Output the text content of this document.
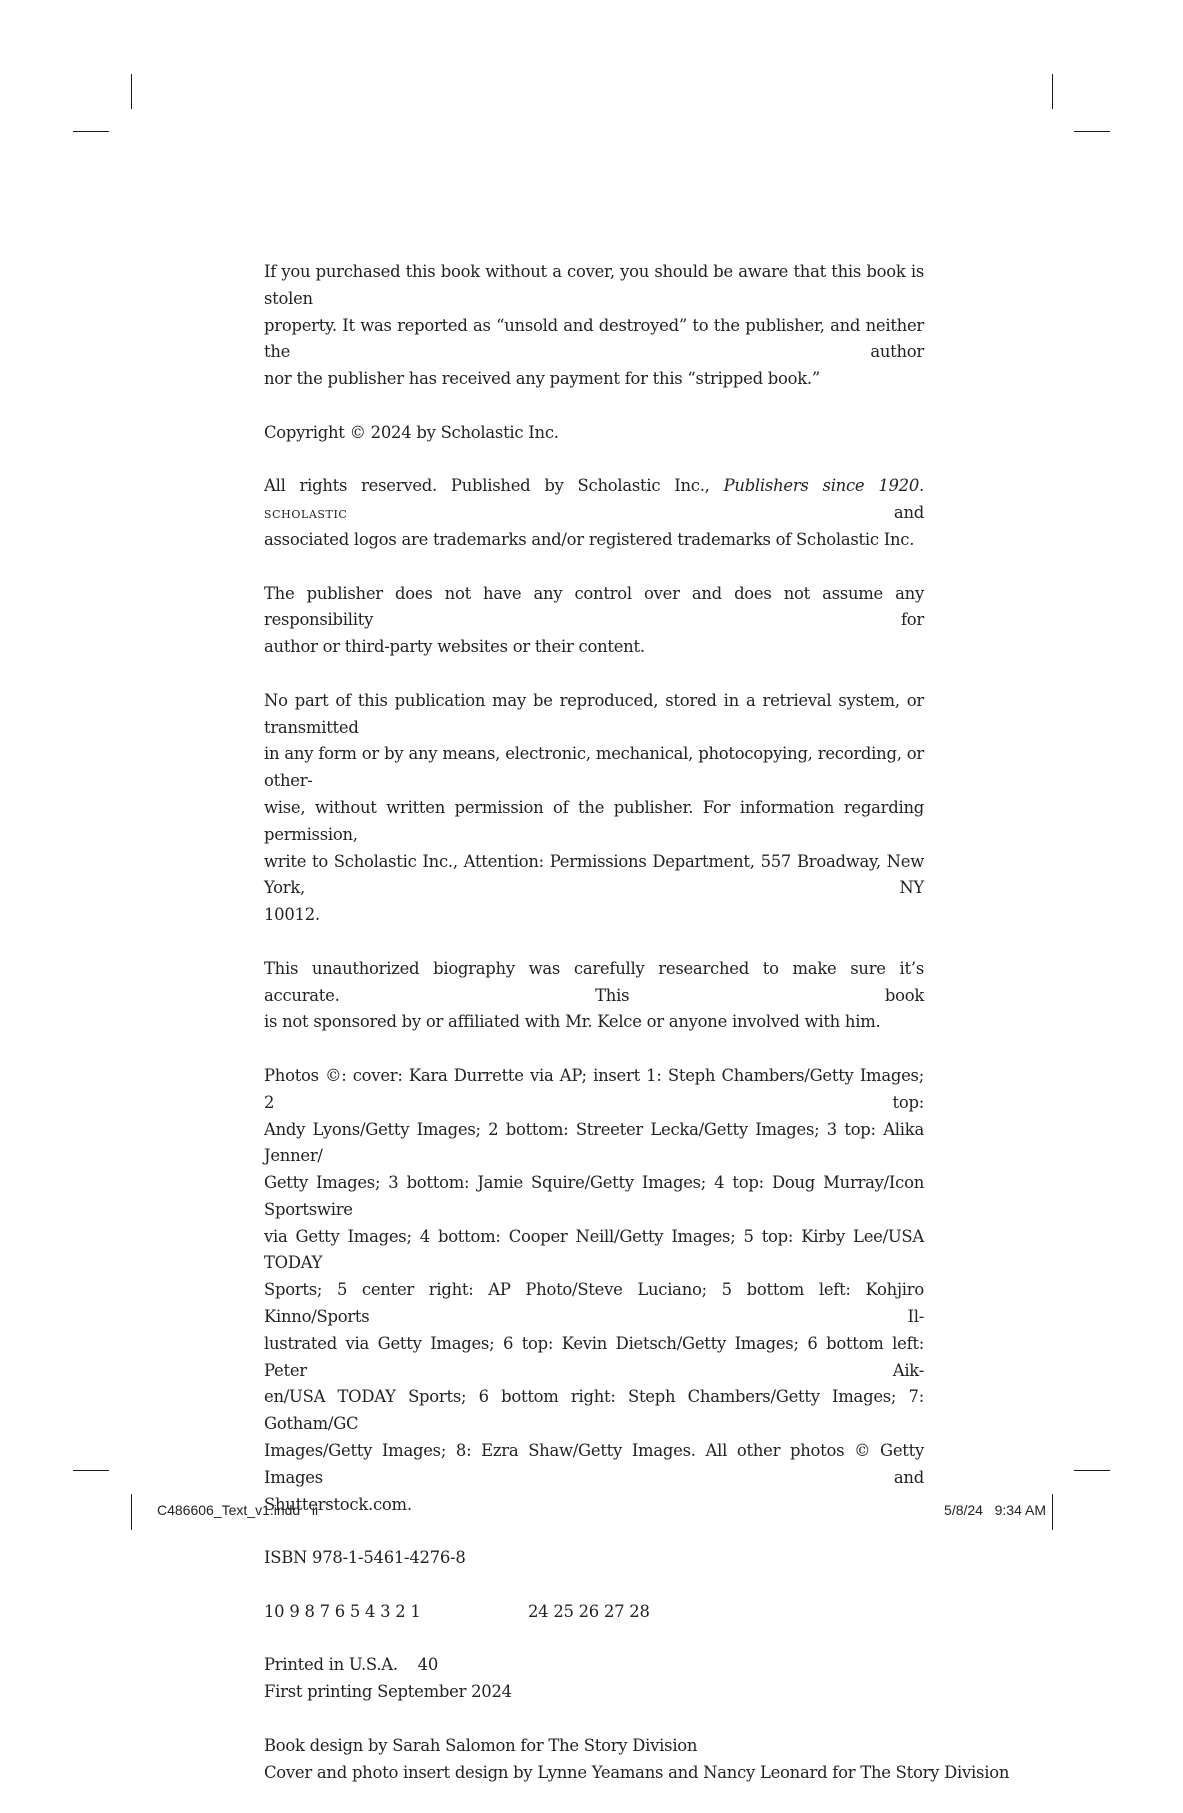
If you purchased this book without a cover, you should be aware that this book is stolen
property. It was reported as “unsold and destroyed” to the publisher, and neither the author
nor the publisher has received any payment for this “stripped book.”

Copyright © 2024 by Scholastic Inc.

All rights reserved. Published by Scholastic Inc., Publishers since 1920. scholastic and
associated logos are trademarks and/or registered trademarks of Scholastic Inc.

The publisher does not have any control over and does not assume any responsibility for
author or third-party websites or their content.

No part of this publication may be reproduced, stored in a retrieval system, or transmitted
in any form or by any means, electronic, mechanical, photocopying, recording, or other-
wise, without written permission of the publisher. For information regarding permission,
write to Scholastic Inc., Attention: Permissions Department, 557 Broadway, New York, NY
10012.

This unauthorized biography was carefully researched to make sure it’s accurate. This book
is not sponsored by or affiliated with Mr. Kelce or anyone involved with him.

Photos ©: cover: Kara Durrette via AP; insert 1: Steph Chambers/Getty Images; 2 top:
Andy Lyons/Getty Images; 2 bottom: Streeter Lecka/Getty Images; 3 top: Alika Jenner/
Getty Images; 3 bottom: Jamie Squire/Getty Images; 4 top: Doug Murray/Icon Sportswire
via Getty Images; 4 bottom: Cooper Neill/Getty Images; 5 top: Kirby Lee/USA TODAY
Sports; 5 center right: AP Photo/Steve Luciano; 5 bottom left: Kohjiro Kinno/Sports Il-
lustrated via Getty Images; 6 top: Kevin Dietsch/Getty Images; 6 bottom left: Peter Aik-
en/USA TODAY Sports; 6 bottom right: Steph Chambers/Getty Images; 7: Gotham/GC
Images/Getty Images; 8: Ezra Shaw/Getty Images. All other photos © Getty Images and
Shutterstock.com.

ISBN 978-1-5461-4276-8

10 9 8 7 6 5 4 3 2 1	24 25 26 27 28

Printed in U.S.A.    40
First printing September 2024

Book design by Sarah Salomon for The Story Division
Cover and photo insert design by Lynne Yeamans and Nancy Leonard for The Story Division

C486606_Text_v1.indd   ii	5/8/24   9:34 AM
